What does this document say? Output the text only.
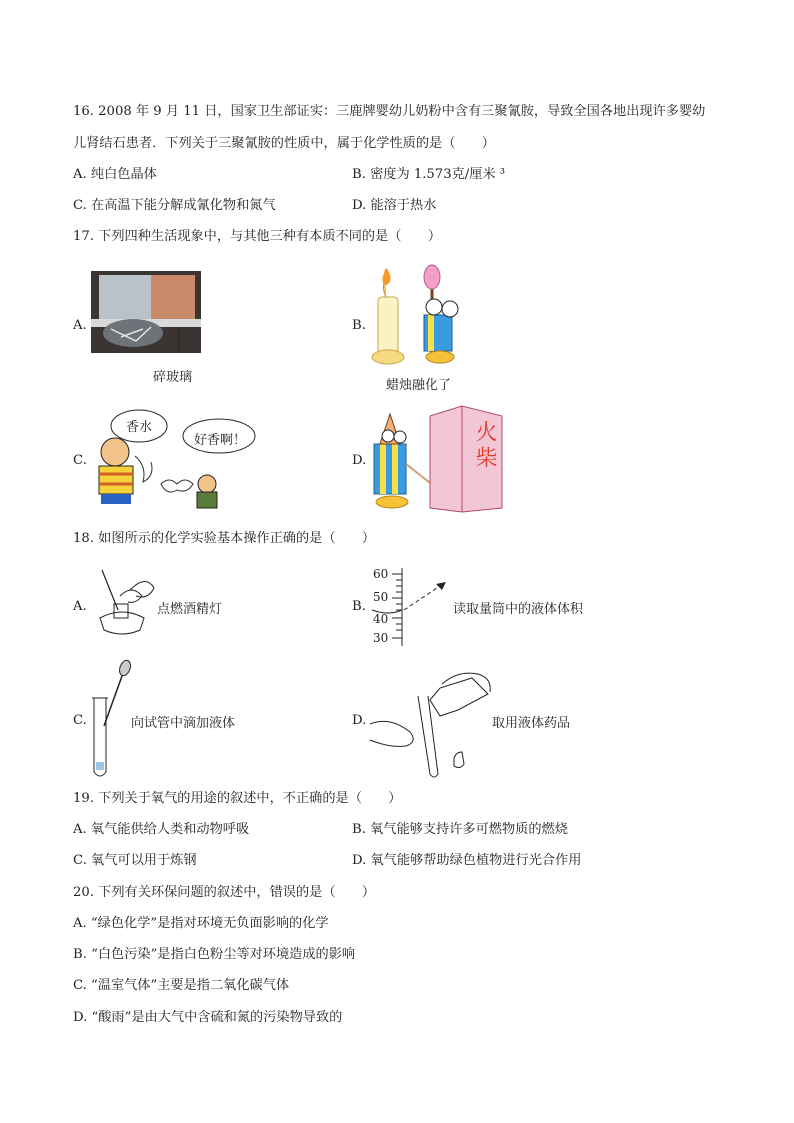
16. 2008 年 9 月 11 日，国家卫生部证实：三鹿牌婴幼儿奶粉中含有三聚氰胺，导致全国各地出现许多婴幼
儿肾结石患者．下列关于三聚氰胺的性质中，属于化学性质的是（　　）
A. 纯白色晶体	B. 密度为 1.573克/厘米 ³
C. 在高温下能分解成氰化物和氮气	D. 能溶于热水
17. 下列四种生活现象中，与其他三种有本质不同的是（　　）
A.
碎玻璃
B.
蜡烛融化了
C.
香水
好香啊！
D.	火柴
18. 如图所示的化学实验基本操作正确的是（　　）
A.	点燃酒精灯	B.
60
50
40
30
读取量筒中的液体体积
C.	向试管中滴加液体	D.	取用液体药品
19. 下列关于氧气的用途的叙述中，不正确的是（　　）
A. 氧气能供给人类和动物呼吸	B. 氧气能够支持许多可燃物质的燃烧
C. 氧气可以用于炼钢	D. 氧气能够帮助绿色植物进行光合作用
20. 下列有关环保问题的叙述中，错误的是（　　）
A. “绿色化学”是指对环境无负面影响的化学
B. “白色污染”是指白色粉尘等对环境造成的影响
C. “温室气体”主要是指二氧化碳气体
D. “酸雨”是由大气中含硫和氮的污染物导致的
